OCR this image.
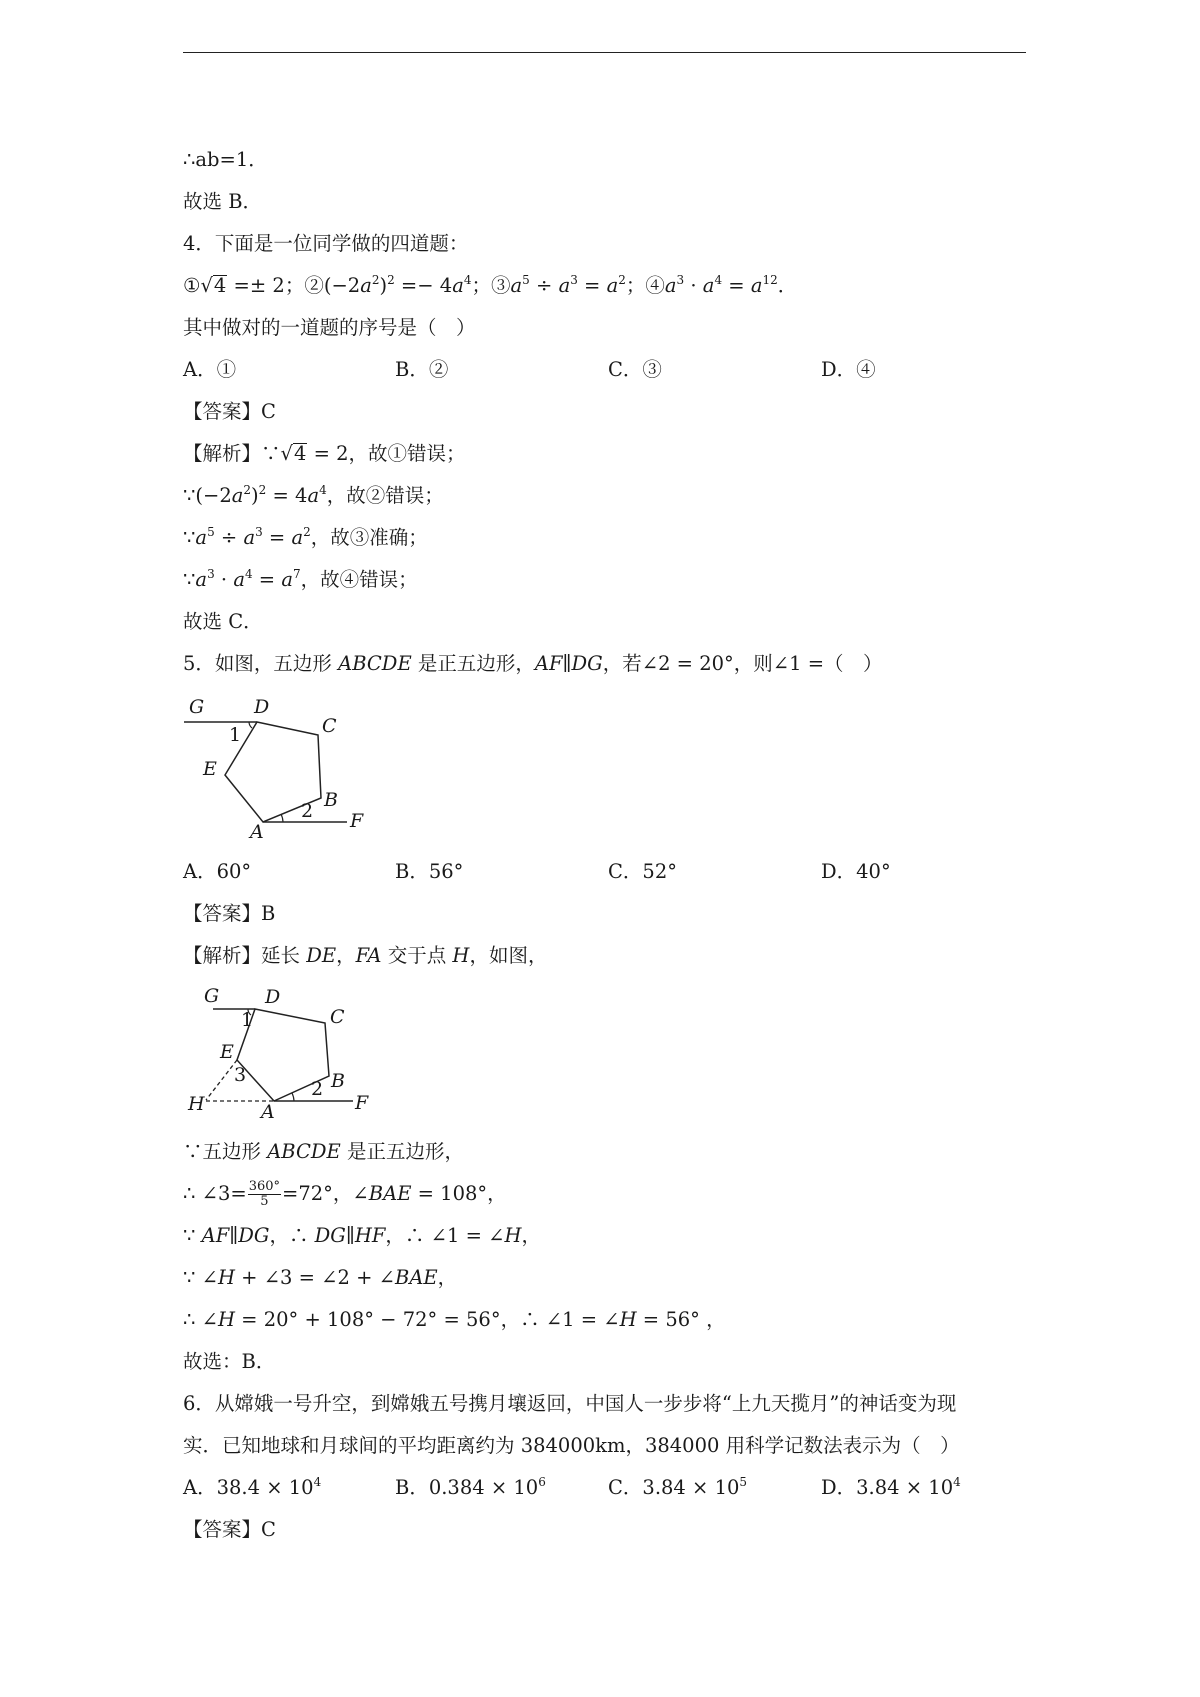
∴ab=1．
故选 B．
4．下面是一位同学做的四道题：
①√4 =± 2；$②(-2a^2)^2 =- 4a^4$；$③a^5 \div a^3 = a^2$；$④a^3 \cdot a^4 = a^{12}$．
其中做对的一道题的序号是（　）
A．①	B．②	C．③	D．④
【答案】C
【解析】∵√4 = 2，故①错误；
$\because(-2a^2)^2 = 4a^4$，故②错误；
$\because a^5 \div a^3 = a^2$，故③准确；
$\because a^3 \cdot a^4 = a^7$，故④错误；
故选 C．
5．如图，五边形 ABCDE 是正五边形，AF∥DG，若∠2 = 20°，则∠1 =（　）
G	D
C
E
B
A	F
1
2
A．60°	B．56°	C．52°	D．40°
【答案】B
【解析】延长 DE，FA 交于点 H，如图，
G D
C
E
B
A	F
H
1
2
3
∵五边形 ABCDE 是正五边形，
∴ ∠3= $\frac{360^\circ}{5} =72^\circ$，∠BAE = 108°，
∵ AF∥DG，∴ DG∥HF，∴ ∠1 = ∠H，
∵ ∠H + ∠3 = ∠2 + ∠BAE，
∴ ∠H = 20° + 108° − 72° = 56°，∴ ∠1 = ∠H = 56° ，
故选：B．
6．从嫦娥一号升空，到嫦娥五号携月壤返回，中国人一步步将“上九天揽月”的神话变为现
实．已知地球和月球间的平均距离约为 384000km，384000 用科学记数法表示为（　）
A．$38.4 \times 10^4$	B．$0.384 \times 10^6$	C．$3.84 \times 10^5$	D．$3.84 \times 10^4$
【答案】C
